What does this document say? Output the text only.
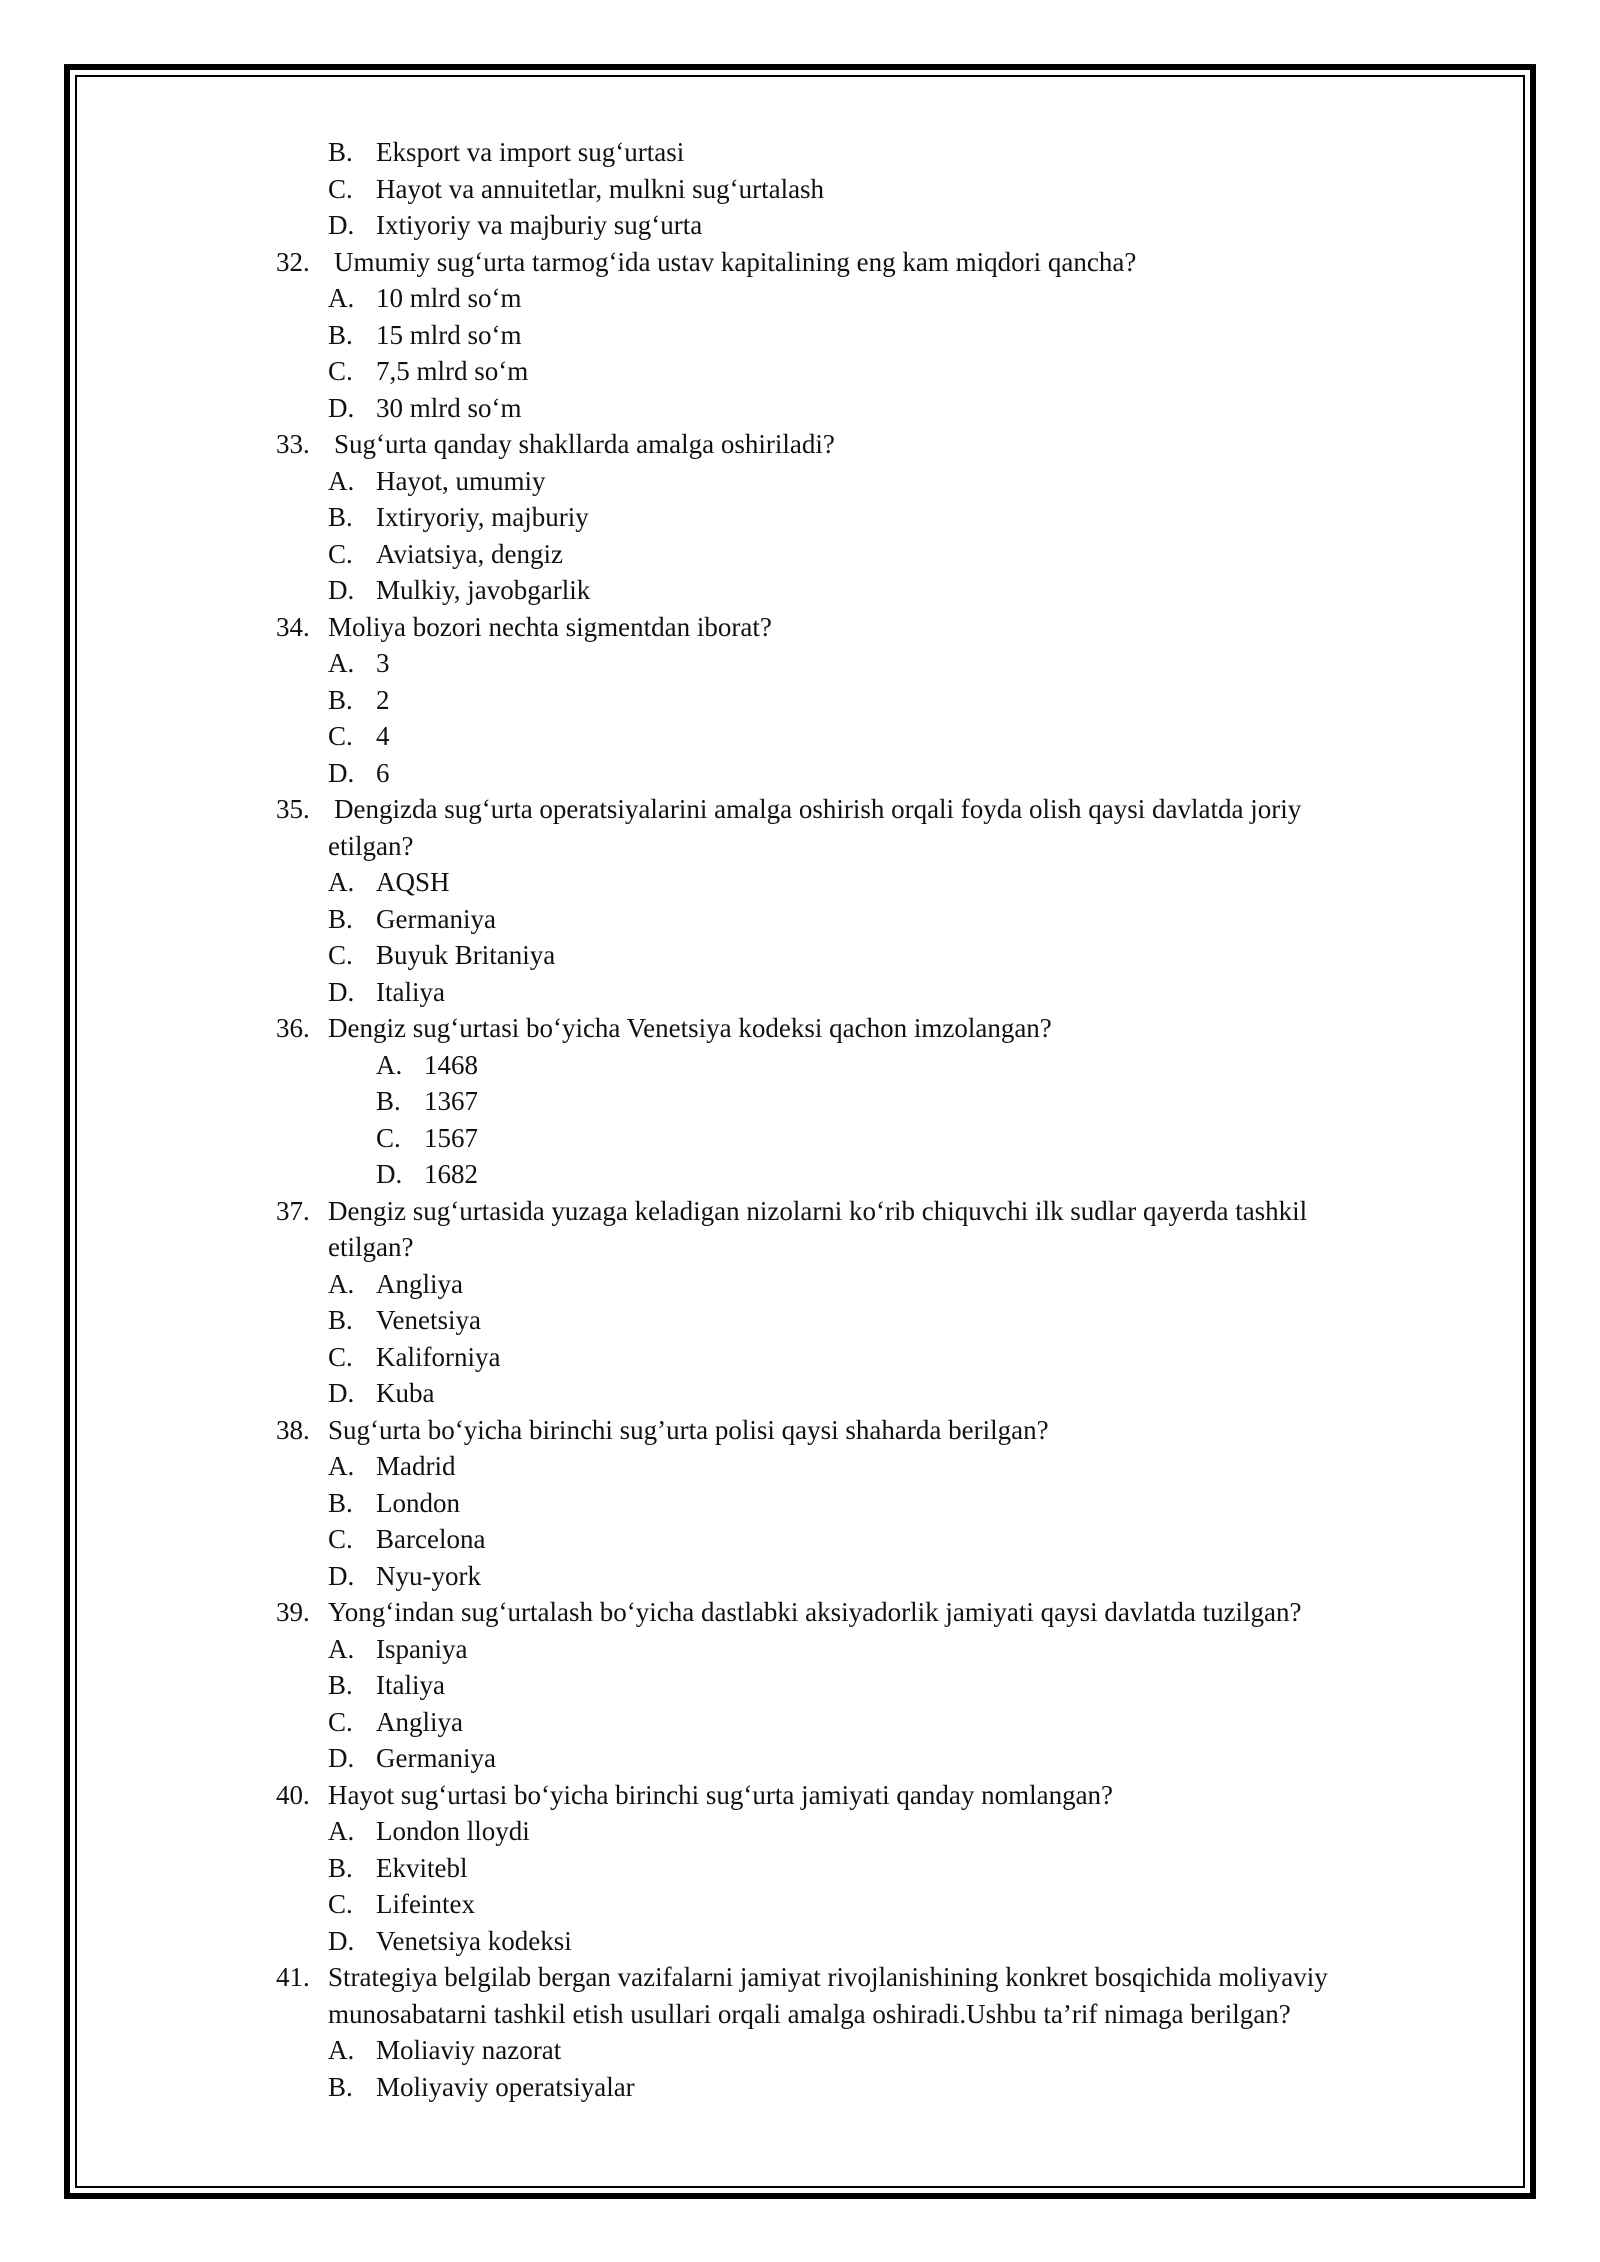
B. Eksport va import sug‘urtasi
C. Hayot va annuitetlar, mulkni sug‘urtalash
D. Ixtiyoriy va majburiy sug‘urta
32. Umumiy sug‘urta tarmog‘ida ustav kapitalining eng kam miqdori qancha?
A. 10 mlrd so‘m
B. 15 mlrd so‘m
C. 7,5 mlrd so‘m
D. 30 mlrd so‘m
33. Sug‘urta qanday shakllarda amalga oshiriladi?
A. Hayot, umumiy
B. Ixtiryoriy, majburiy
C. Aviatsiya, dengiz
D. Mulkiy, javobgarlik
34. Moliya bozori nechta sigmentdan iborat?
A. 3
B. 2
C. 4
D. 6
35. Dengizda sug‘urta operatsiyalarini amalga oshirish orqali foyda olish qaysi davlatda joriy
etilgan?
A. AQSH
B. Germaniya
C. Buyuk Britaniya
D. Italiya
36. Dengiz sug‘urtasi bo‘yicha Venetsiya kodeksi qachon imzolangan?
A. 1468
B. 1367
C. 1567
D. 1682
37. Dengiz sug‘urtasida yuzaga keladigan nizolarni ko‘rib chiquvchi ilk sudlar qayerda tashkil
etilgan?
A. Angliya
B. Venetsiya
C. Kaliforniya
D. Kuba
38. Sug‘urta bo‘yicha birinchi sug’urta polisi qaysi shaharda berilgan?
A. Madrid
B. London
C. Barcelona
D. Nyu-york
39. Yong‘indan sug‘urtalash bo‘yicha dastlabki aksiyadorlik jamiyati qaysi davlatda tuzilgan?
A. Ispaniya
B. Italiya
C. Angliya
D. Germaniya
40. Hayot sug‘urtasi bo‘yicha birinchi sug‘urta jamiyati qanday nomlangan?
A. London lloydi
B. Ekvitebl
C. Lifeintex
D. Venetsiya kodeksi
41. Strategiya belgilab bergan vazifalarni jamiyat rivojlanishining konkret bosqichida moliyaviy
munosabatarni tashkil etish usullari orqali amalga oshiradi.Ushbu ta’rif nimaga berilgan?
A. Moliaviy nazorat
B. Moliyaviy operatsiyalar
